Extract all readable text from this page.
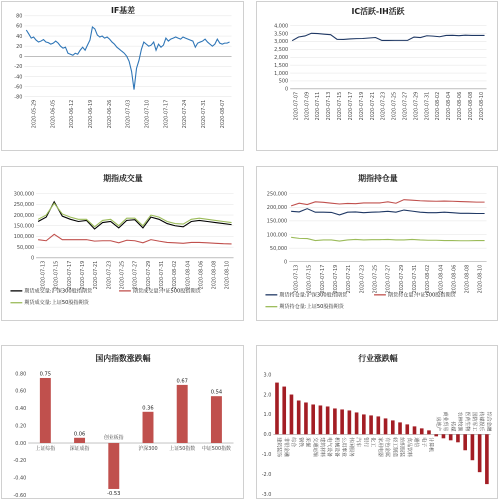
IF基差
-80
-60
-40
-20
0
20
40
60
80
2020-05-29	2020-06-05	2020-06-12	2020-06-19	2020-06-26	2020-07-03	2020-07-10	2020-07-17	2020-07-24	2020-07-31	2020-08-07
IC活跃-IH活跃
0
500
1,000
1,500
2,000
2,500
3,000
3,500
4,000
2020-07-07 2020-07-09 2020-07-11 2020-07-13 2020-07-15 2020-07-17 2020-07-19 2020-07-21 2020-07-23 2020-07-25 2020-07-27 2020-07-29 2020-07-31 2020-08-02 2020-08-04 2020-08-06 2020-08-08 2020-08-10
期指成交量
0
50,000
100,000
150,000
200,000
250,000
300,000
2020-07-13 2020-07-15 2020-07-17 2020-07-19 2020-07-21 2020-07-23 2020-07-25 2020-07-27 2020-07-29 2020-07-31 2020-08-02 2020-08-04 2020-08-06 2020-08-08 2020-08-10
期货成交量:沪深300股指期货	期货成交量:中证500股指期货
期货成交量:上证50股指期货
期指持仓量
0
50,000
100,000
150,000
200,000
250,000
2020-07-13 2020-07-15 2020-07-17 2020-07-19 2020-07-21 2020-07-23 2020-07-25 2020-07-27 2020-07-29 2020-07-31 2020-08-02 2020-08-04 2020-08-06 2020-08-08 2020-08-10
期货持仓量:沪深300股指期货	期货持仓量:中证500股指期货
期货持仓量:上证50股指期货
国内指数涨跌幅
-0.60
-0.40
-0.20
0.00
0.20
0.40
0.60
0.80	0.75
上证综指
0.06
深证成指
-0.53
创业板指
0.36
沪深300
0.67
上证50指数
0.54
中证500指数
行业涨跌幅
-3.0
-2.0
-1.0
0.0
1.0
2.0
3.0
建筑装饰 非银金融 综合 钢铁 采掘 交通运输 建筑材料 电气设备 机械设备 公用事业 休闲服务 汽车 银行 化工 家用电器 有色金属 轻工制造 纺织服装 食品饮料 通信 电子 计算机
房地产 商业贸易 传媒 农林牧渔 医药生物 国防军工 传媒娱乐 综合金融
